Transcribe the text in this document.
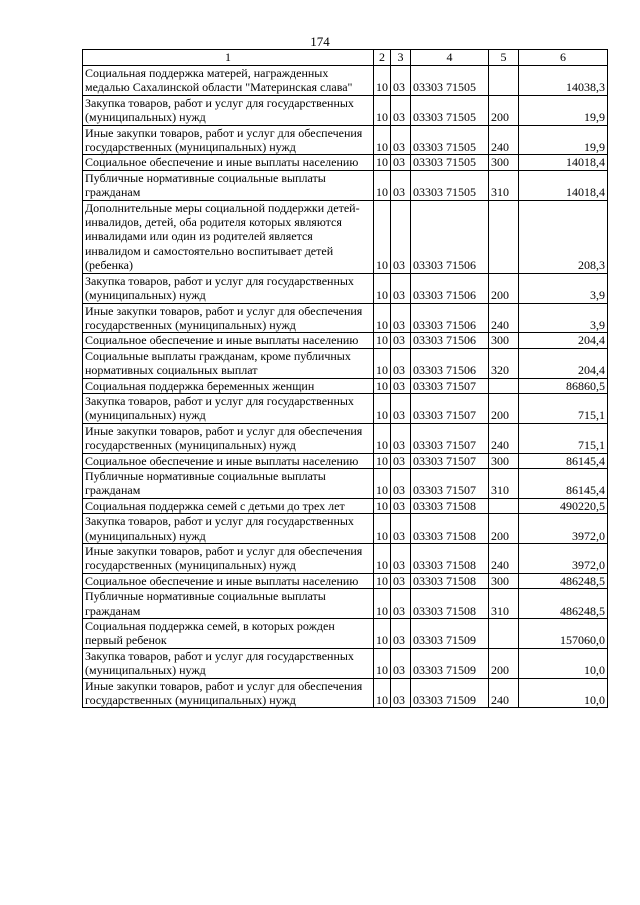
174
1	2	3	4	5	6
Социальная поддержка матерей, награжденных медалью Сахалинской области "Материнская слава"	10	03	03303 71505		14038,3
Закупка товаров, работ и услуг для государственных (муниципальных) нужд	10	03	03303 71505	200	19,9
Иные закупки товаров, работ и услуг для обеспечения государственных (муниципальных) нужд	10	03	03303 71505	240	19,9
Социальное обеспечение и иные выплаты населению	10	03	03303 71505	300	14018,4
Публичные нормативные социальные выплаты гражданам	10	03	03303 71505	310	14018,4
Дополнительные меры социальной поддержки детей-инвалидов, детей, оба родителя которых являются инвалидами или один из родителей является инвалидом и самостоятельно воспитывает детей (ребенка)	10	03	03303 71506		208,3
Закупка товаров, работ и услуг для государственных (муниципальных) нужд	10	03	03303 71506	200	3,9
Иные закупки товаров, работ и услуг для обеспечения государственных (муниципальных) нужд	10	03	03303 71506	240	3,9
Социальное обеспечение и иные выплаты населению	10	03	03303 71506	300	204,4
Социальные выплаты гражданам, кроме публичных нормативных социальных выплат	10	03	03303 71506	320	204,4
Социальная поддержка беременных женщин	10	03	03303 71507		86860,5
Закупка товаров, работ и услуг для государственных (муниципальных) нужд	10	03	03303 71507	200	715,1
Иные закупки товаров, работ и услуг для обеспечения государственных (муниципальных) нужд	10	03	03303 71507	240	715,1
Социальное обеспечение и иные выплаты населению	10	03	03303 71507	300	86145,4
Публичные нормативные социальные выплаты гражданам	10	03	03303 71507	310	86145,4
Социальная поддержка семей с детьми до трех лет	10	03	03303 71508		490220,5
Закупка товаров, работ и услуг для государственных (муниципальных) нужд	10	03	03303 71508	200	3972,0
Иные закупки товаров, работ и услуг для обеспечения государственных (муниципальных) нужд	10	03	03303 71508	240	3972,0
Социальное обеспечение и иные выплаты населению	10	03	03303 71508	300	486248,5
Публичные нормативные социальные выплаты гражданам	10	03	03303 71508	310	486248,5
Социальная поддержка семей, в которых рожден первый ребенок	10	03	03303 71509		157060,0
Закупка товаров, работ и услуг для государственных (муниципальных) нужд	10	03	03303 71509	200	10,0
Иные закупки товаров, работ и услуг для обеспечения государственных (муниципальных) нужд	10	03	03303 71509	240	10,0
